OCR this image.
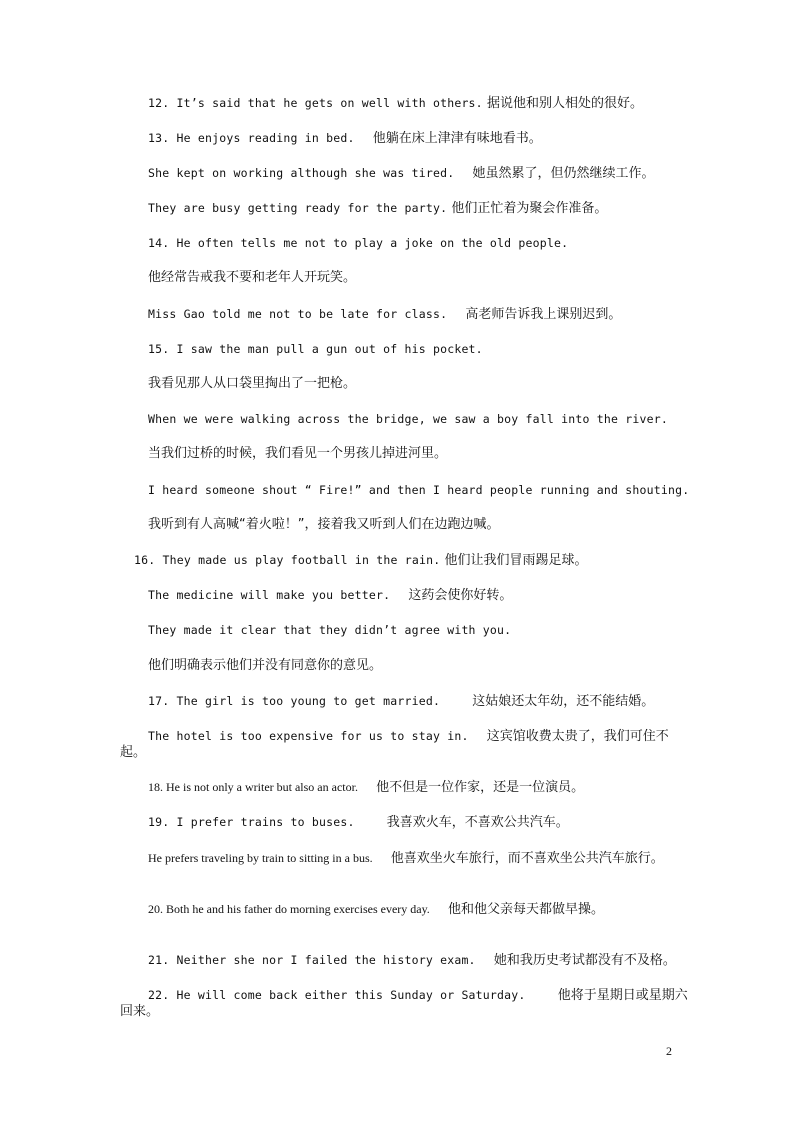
12. It’s said that he gets on well with others. 据说他和别人相处的很好。
13. He enjoys reading in bed. 他躺在床上津津有味地看书。
She kept on working although she was tired. 她虽然累了，但仍然继续工作。
They are busy getting ready for the party. 他们正忙着为聚会作准备。
14. He often tells me not to play a joke on the old people.
他经常告戒我不要和老年人开玩笑。
Miss Gao told me not to be late for class. 高老师告诉我上课别迟到。
15. I saw the man pull a gun out of his pocket.
我看见那人从口袋里掏出了一把枪。
When we were walking across the bridge, we saw a boy fall into the river.
当我们过桥的时候，我们看见一个男孩儿掉进河里。
I heard someone shout “ Fire!” and then I heard people running and shouting.
我听到有人高喊“着火啦！”，接着我又听到人们在边跑边喊。
16. They made us play football in the rain. 他们让我们冒雨踢足球。
The medicine will make you better. 这药会使你好转。
They made it clear that they didn’t agree with you.
他们明确表示他们并没有同意你的意见。
17. The girl is too young to get married. 这姑娘还太年幼，还不能结婚。
The hotel is too expensive for us to stay in. 这宾馆收费太贵了，我们可住不起。
18. He is not only a writer but also an actor. 他不但是一位作家，还是一位演员。
19. I prefer trains to buses. 我喜欢火车，不喜欢公共汽车。
He prefers traveling by train to sitting in a bus. 他喜欢坐火车旅行，而不喜欢坐公共汽车旅行。
20. Both he and his father do morning exercises every day. 他和他父亲每天都做早操。
21. Neither she nor I failed the history exam. 她和我历史考试都没有不及格。
22. He will come back either this Sunday or Saturday. 他将于星期日或星期六回来。
2
